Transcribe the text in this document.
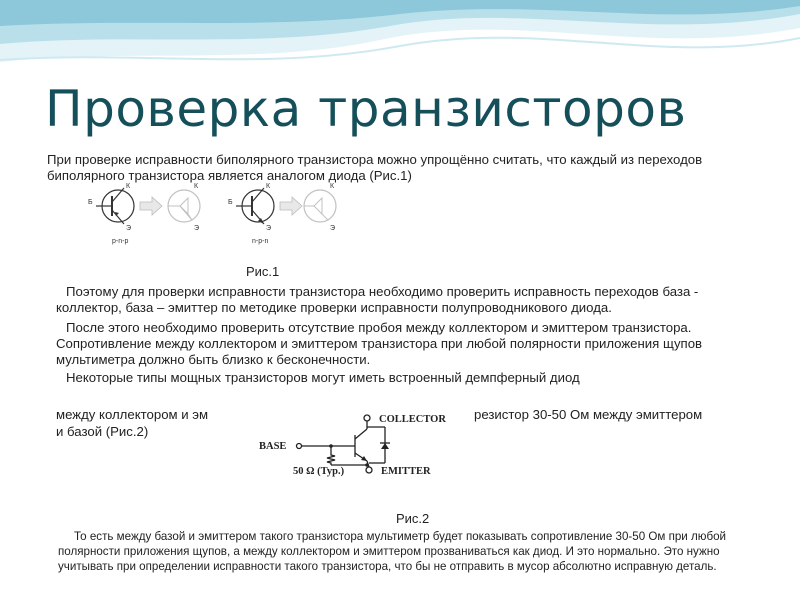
Проверка транзисторов

При проверке исправности биполярного транзистора можно упрощённо считать, что каждый из переходов биполярного транзистора является аналогом диода (Рис.1)

Б
К
Э
p-n-p
К
Э
Б
К
Э
n-p-n
К
Э
Рис.1

Поэтому для проверки исправности транзистора необходимо проверить исправность переходов база - коллектор, база – эмиттер по методике проверки исправности полупроводникового диода.

После этого необходимо проверить отсутствие пробоя между коллектором и эмиттером транзистора. Сопротивление между коллектором и эмиттером транзистора при любой полярности приложения щупов мультиметра должно быть близко к бесконечности.

Некоторые типы мощных транзисторов могут иметь встроенный демпферный диод

между коллектором и эм	резистор 30-50 Ом между эмиттером
и базой (Рис.2)
BASE
COLLECTOR
EMITTER
50 Ω (Typ.)
Рис.2

То есть между базой и эмиттером такого транзистора мультиметр будет показывать сопротивление 30-50 Ом при любой полярности приложения щупов, а между коллектором и эмиттером прозваниваться как диод. И это нормально. Это нужно учитывать при определении исправности такого транзистора, что бы не отправить в мусор абсолютно исправную деталь.
